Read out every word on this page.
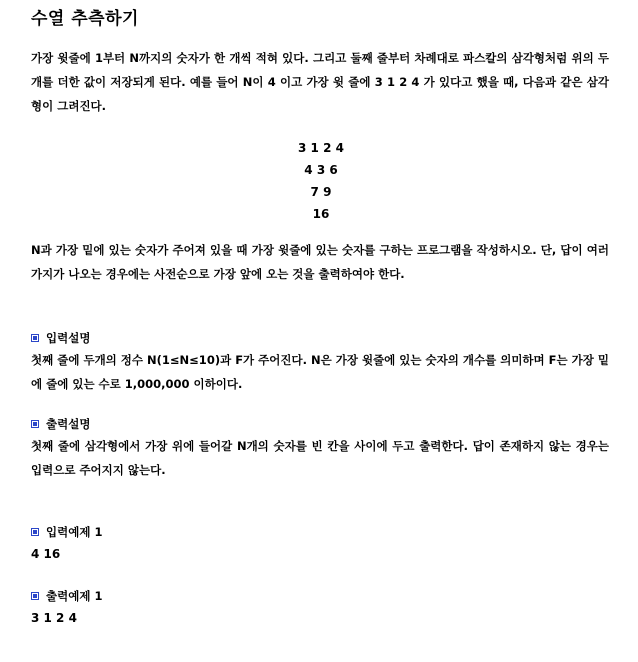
수열 추측하기
가장 윗줄에 1부터 N까지의 숫자가 한 개씩 적혀 있다. 그리고 둘째 줄부터 차례대로 파스칼의 삼각형처럼 위의 두개를 더한 값이 저장되게 된다. 예를 들어 N이 4 이고 가장 윗 줄에 3 1 2 4 가 있다고 했을 때, 다음과 같은 삼각형이 그려진다.
3 1 2 4
4 3 6
7 9
16
N과 가장 밑에 있는 숫자가 주어져 있을 때 가장 윗줄에 있는 숫자를 구하는 프로그램을 작성하시오. 단, 답이 여러가지가 나오는 경우에는 사전순으로 가장 앞에 오는 것을 출력하여야 한다.
입력설명
첫째 줄에 두개의 정수 N(1≤N≤10)과 F가 주어진다. N은 가장 윗줄에 있는 숫자의 개수를 의미하며 F는 가장 밑에 줄에 있는 수로 1,000,000 이하이다.
출력설명
첫째 줄에 삼각형에서 가장 위에 들어갈 N개의 숫자를 빈 칸을 사이에 두고 출력한다. 답이 존재하지 않는 경우는 입력으로 주어지지 않는다.
입력예제 1
4 16
출력예제 1
3 1 2 4
